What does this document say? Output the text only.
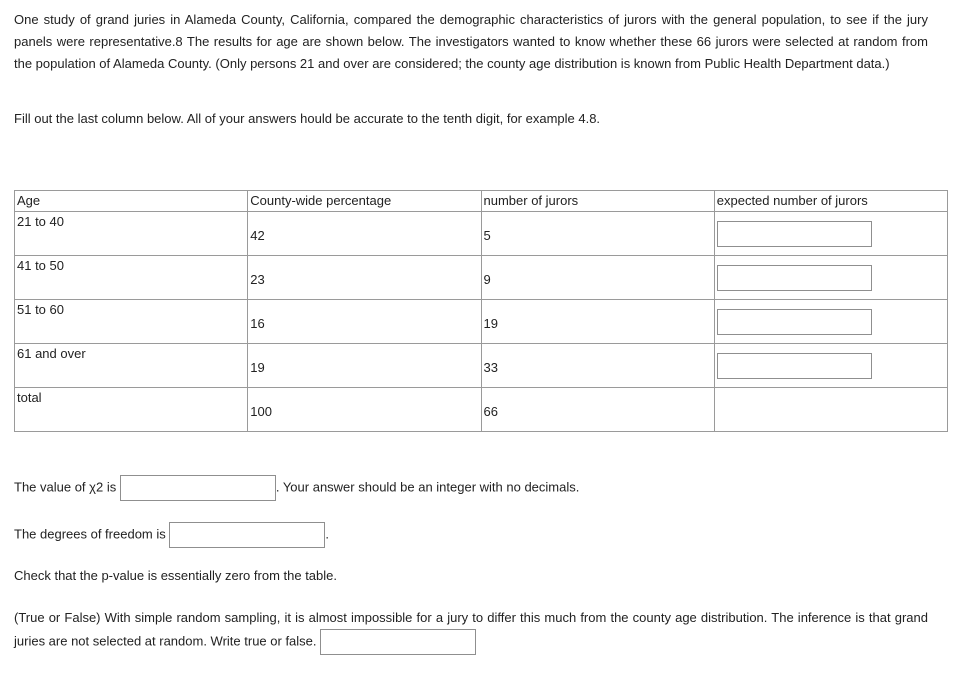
One study of grand juries in Alameda County, California, compared the demographic characteristics of jurors with the general population, to see if the jury panels were representative.8 The results for age are shown below. The investigators wanted to know whether these 66 jurors were selected at random from the population of Alameda County. (Only persons 21 and over are considered; the county age distribution is known from Public Health Department data.)

Fill out the last column below. All of your answers hould be accurate to the tenth digit, for example 4.8.

Age	County-wide percentage	number of jurors	expected number of jurors

21 to 40	42	5

41 to 50	23	9

51 to 60	16	19

61 and over	19	33

total	100	66	

The value of χ2 is	. Your answer should be an integer with no decimals.

The degrees of freedom is	.

Check that the p-value is essentially zero from the table.

(True or False) With simple random sampling, it is almost impossible for a jury to differ this much from the county age distribution. The inference is that grand juries are not selected at random. Write true or false.
